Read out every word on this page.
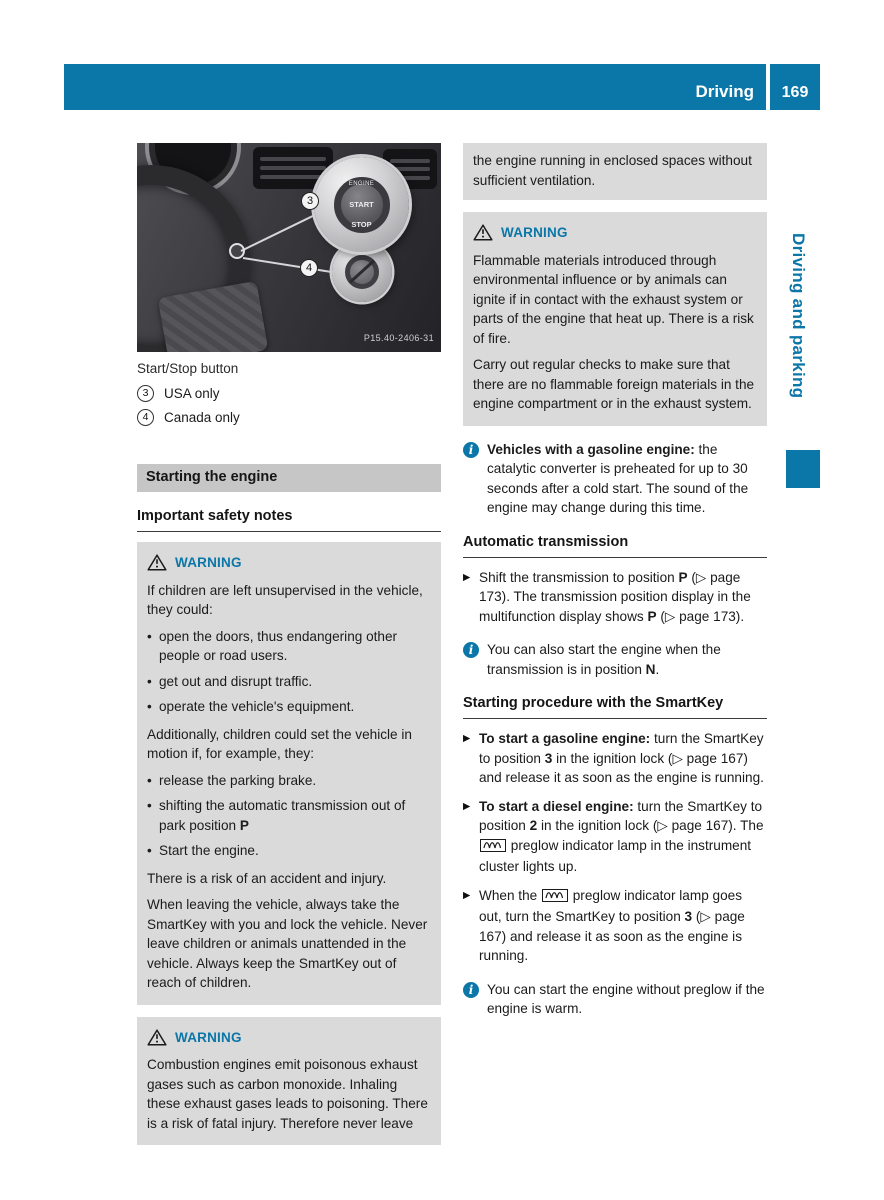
Driving	169
Driving and parking
ENGINE
START
STOP
3
4
P15.40-2406-31
Start/Stop button
3	USA only
4	Canada only
Starting the engine
Important safety notes
WARNING

If children are left unsupervised in the vehicle, they could:

• open the doors, thus endangering other people or road users.
• get out and disrupt traffic.
• operate the vehicle's equipment.

Additionally, children could set the vehicle in motion if, for example, they:

• release the parking brake.
• shifting the automatic transmission out of park position P
• Start the engine.

There is a risk of an accident and injury.

When leaving the vehicle, always take the SmartKey with you and lock the vehicle. Never leave children or animals unattended in the vehicle. Always keep the SmartKey out of reach of children.

WARNING

Combustion engines emit poisonous exhaust gases such as carbon monoxide. Inhaling these exhaust gases leads to poisoning. There is a risk of fatal injury. Therefore never leave

the engine running in enclosed spaces without sufficient ventilation.

WARNING

Flammable materials introduced through environmental influence or by animals can ignite if in contact with the exhaust system or parts of the engine that heat up. There is a risk of fire.

Carry out regular checks to make sure that there are no flammable foreign materials in the engine compartment or in the exhaust system.

i	Vehicles with a gasoline engine: the catalytic converter is preheated for up to 30 seconds after a cold start. The sound of the engine may change during this time.
Automatic transmission
▶ Shift the transmission to position P (▷ page 173). The transmission position display in the multifunction display shows P (▷ page 173).
i	You can also start the engine when the transmission is in position N.
Starting procedure with the SmartKey
▶ To start a gasoline engine: turn the SmartKey to position 3 in the ignition lock (▷ page 167) and release it as soon as the engine is running.
▶ To start a diesel engine: turn the SmartKey to position 2 in the ignition lock (▷ page 167). The  preglow indicator lamp in the instrument cluster lights up.
▶ When the  preglow indicator lamp goes out, turn the SmartKey to position 3 (▷ page 167) and release it as soon as the engine is running.
i	You can start the engine without preglow if the engine is warm.
